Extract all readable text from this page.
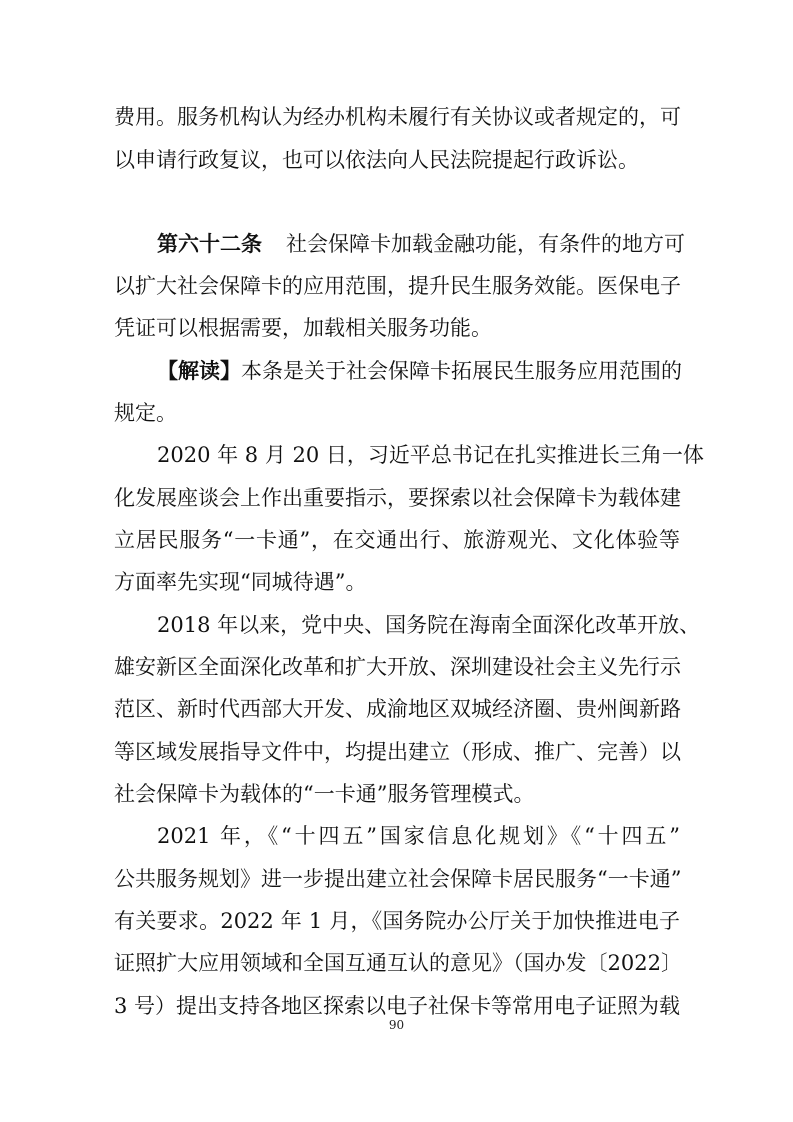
费用。服务机构认为经办机构未履行有关协议或者规定的，可
以申请行政复议，也可以依法向人民法院提起行政诉讼。
第六十二条 社会保障卡加载金融功能，有条件的地方可
以扩大社会保障卡的应用范围，提升民生服务效能。医保电子
凭证可以根据需要，加载相关服务功能。
【解读】本条是关于社会保障卡拓展民生服务应用范围的
规定。
2020 年 8 月 20 日，习近平总书记在扎实推进长三角一体
化发展座谈会上作出重要指示，要探索以社会保障卡为载体建
立居民服务“一卡通”，在交通出行、旅游观光、文化体验等
方面率先实现“同城待遇”。
2018 年以来，党中央、国务院在海南全面深化改革开放、
雄安新区全面深化改革和扩大开放、深圳建设社会主义先行示
范区、新时代西部大开发、成渝地区双城经济圈、贵州闽新路
等区域发展指导文件中，均提出建立（形成、推广、完善）以
社会保障卡为载体的“一卡通”服务管理模式。
2021 年，《“十四五”国家信息化规划》《“十四五”
公共服务规划》进一步提出建立社会保障卡居民服务“一卡通”
有关要求。2022 年 1 月，《国务院办公厅关于加快推进电子
证照扩大应用领域和全国互通互认的意见》（国办发〔2022〕
3 号）提出支持各地区探索以电子社保卡等常用电子证照为载
90
